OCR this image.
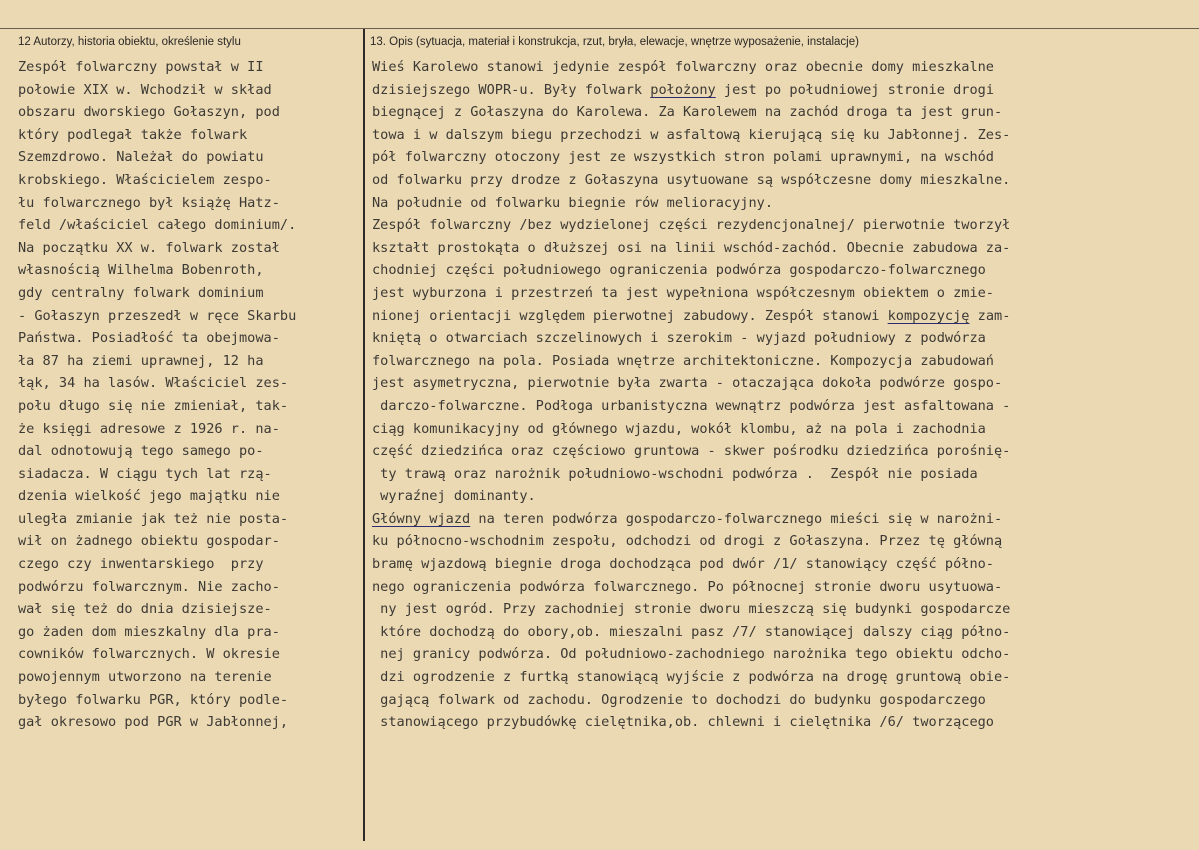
12 Autorzy, historia obiektu, określenie stylu	13. Opis (sytuacja, materiał i konstrukcja, rzut, bryła, elewacje, wnętrze wyposażenie, instalacje)
Zespół folwarczny powstał w II
połowie XIX w. Wchodził w skład
obszaru dworskiego Gołaszyn, pod
który podlegał także folwark
Szemzdrowo. Należał do powiatu
krobskiego. Właścicielem zespo-
łu folwarcznego był książę Hatz-
feld /właściciel całego dominium/.
Na początku XX w. folwark został
własnością Wilhelma Bobenroth,
gdy centralny folwark dominium
- Gołaszyn przeszedł w ręce Skarbu
Państwa. Posiadłość ta obejmowa-
ła 87 ha ziemi uprawnej, 12 ha
łąk, 34 ha lasów. Właściciel zes-
połu długo się nie zmieniał, tak-
że księgi adresowe z 1926 r. na-
dal odnotowują tego samego po-
siadacza. W ciągu tych lat rzą-
dzenia wielkość jego majątku nie
uległa zmianie jak też nie posta-
wił on żadnego obiektu gospodar-
czego czy inwentarskiego  przy
podwórzu folwarcznym. Nie zacho-
wał się też do dnia dzisiejsze-
go żaden dom mieszkalny dla pra-
cowników folwarcznych. W okresie
powojennym utworzono na terenie
byłego folwarku PGR, który podle-
gał okresowo pod PGR w Jabłonnej,
Wieś Karolewo stanowi jedynie zespół folwarczny oraz obecnie domy mieszkalne
dzisiejszego WOPR-u. Były folwark położony jest po południowej stronie drogi
biegnącej z Gołaszyna do Karolewa. Za Karolewem na zachód droga ta jest grun-
towa i w dalszym biegu przechodzi w asfaltową kierującą się ku Jabłonnej. Zes-
pół folwarczny otoczony jest ze wszystkich stron polami uprawnymi, na wschód
od folwarku przy drodze z Gołaszyna usytuowane są współczesne domy mieszkalne.
Na południe od folwarku biegnie rów melioracyjny.
Zespół folwarczny /bez wydzielonej części rezydencjonalnej/ pierwotnie tworzył
kształt prostokąta o dłuższej osi na linii wschód-zachód. Obecnie zabudowa za-
chodniej części południowego ograniczenia podwórza gospodarczo-folwarcznego
jest wyburzona i przestrzeń ta jest wypełniona współczesnym obiektem o zmie-
nionej orientacji względem pierwotnej zabudowy. Zespół stanowi kompozycję zam-
kniętą o otwarciach szczelinowych i szerokim - wyjazd południowy z podwórza
folwarcznego na pola. Posiada wnętrze architektoniczne. Kompozycja zabudowań
jest asymetryczna, pierwotnie była zwarta - otaczająca dokoła podwórze gospo-
darczo-folwarczne. Podłoga urbanistyczna wewnątrz podwórza jest asfaltowana -
ciąg komunikacyjny od głównego wjazdu, wokół klombu, aż na pola i zachodnia
część dziedzińca oraz częściowo gruntowa - skwer pośrodku dziedzińca porośnię-
ty trawą oraz narożnik południowo-wschodni podwórza .  Zespół nie posiada
wyraźnej dominanty.
Główny wjazd na teren podwórza gospodarczo-folwarcznego mieści się w narożni-
ku północno-wschodnim zespołu, odchodzi od drogi z Gołaszyna. Przez tę główną
bramę wjazdową biegnie droga dochodząca pod dwór /1/ stanowiący część półno-
nego ograniczenia podwórza folwarcznego. Po północnej stronie dworu usytuowa-
ny jest ogród. Przy zachodniej stronie dworu mieszczą się budynki gospodarcze
które dochodzą do obory,ob. mieszalni pasz /7/ stanowiącej dalszy ciąg półno-
nej granicy podwórza. Od południowo-zachodniego narożnika tego obiektu odcho-
dzi ogrodzenie z furtką stanowiącą wyjście z podwórza na drogę gruntową obie-
gającą folwark od zachodu. Ogrodzenie to dochodzi do budynku gospodarczego
stanowiącego przybudówkę cielętnika,ob. chlewni i cielętnika /6/ tworzącego
